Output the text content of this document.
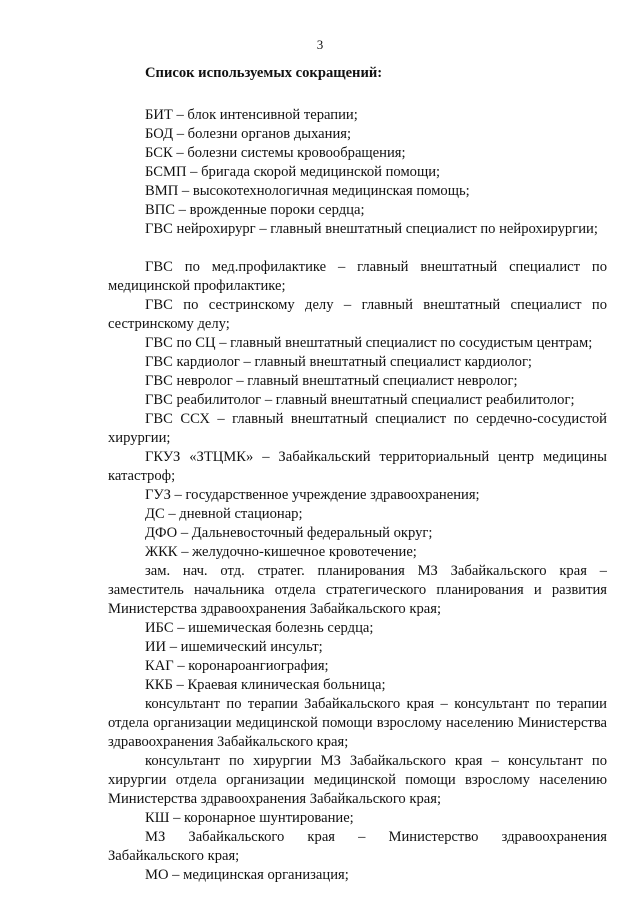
3

Список используемых сокращений:

БИТ – блок интенсивной терапии;

БОД – болезни органов дыхания;

БСК – болезни системы кровообращения;

БСМП – бригада скорой медицинской помощи;

ВМП – высокотехнологичная медицинская помощь;

ВПС – врожденные пороки сердца;

ГВС нейрохирург – главный внештатный специалист по нейрохирургии;

ГВС по мед.профилактике – главный внештатный специалист по медицинской профилактике;

ГВС по сестринскому делу – главный внештатный специалист по сестринскому делу;

ГВС по СЦ – главный внештатный специалист по сосудистым центрам;

ГВС кардиолог – главный внештатный специалист кардиолог;

ГВС невролог – главный внештатный специалист невролог;

ГВС реабилитолог – главный внештатный специалист реабилитолог;

ГВС ССХ – главный внештатный специалист по сердечно-сосудистой хирургии;

ГКУЗ «ЗТЦМК» – Забайкальский территориальный центр медицины катастроф;

ГУЗ – государственное учреждение здравоохранения;

ДС – дневной стационар;

ДФО – Дальневосточный федеральный округ;

ЖКК – желудочно-кишечное кровотечение;

зам. нач. отд. стратег. планирования МЗ Забайкальского края – заместитель начальника отдела стратегического планирования и развития Министерства здравоохранения Забайкальского края;

ИБС – ишемическая болезнь сердца;

ИИ – ишемический инсульт;

КАГ – коронароангиография;

ККБ – Краевая клиническая больница;

консультант по терапии Забайкальского края – консультант по терапии отдела организации медицинской помощи взрослому населению Министерства здравоохранения Забайкальского края;

консультант по хирургии МЗ Забайкальского края – консультант по хирургии отдела организации медицинской помощи взрослому населению Министерства здравоохранения Забайкальского края;

КШ – коронарное шунтирование;

МЗ Забайкальского края – Министерство здравоохранения Забайкальского края;

МО – медицинская организация;
